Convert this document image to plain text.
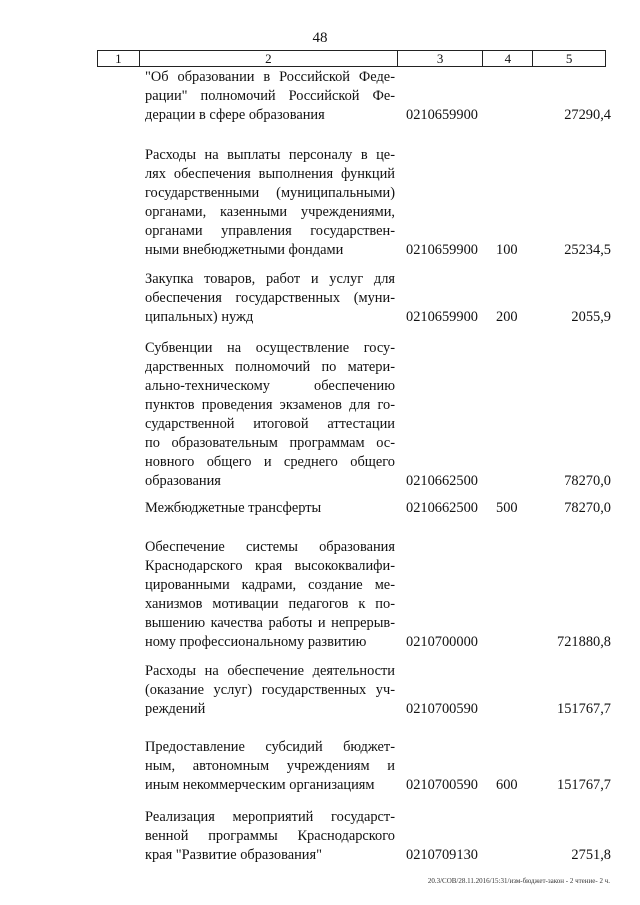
48
1	2	3	4	5
"Об образовании в Российской Феде-
рации" полномочий Российской Фе-
дерации в сфере образования	0210659900	27290,4
Расходы на выплаты персоналу в це-
лях обеспечения выполнения функций
государственными (муниципальными)
органами, казенными учреждениями,
органами управления государствен-
ными внебюджетными фондами	0210659900 100	25234,5
Закупка товаров, работ и услуг для
обеспечения государственных (муни-
ципальных) нужд	0210659900 200	2055,9
Субвенции на осуществление госу-
дарственных полномочий по матери-
ально-техническому обеспечению
пунктов проведения экзаменов для го-
сударственной итоговой аттестации
по образовательным программам ос-
новного общего и среднего общего
образования	0210662500	78270,0
Межбюджетные трансферты	0210662500 500	78270,0
Обеспечение системы образования
Краснодарского края высококвалифи-
цированными кадрами, создание ме-
ханизмов мотивации педагогов к по-
вышению качества работы и непрерыв-
ному профессиональному развитию	0210700000	721880,8
Расходы на обеспечение деятельности
(оказание услуг) государственных уч-
реждений	0210700590	151767,7
Предоставление субсидий бюджет-
ным, автономным учреждениям и
иным некоммерческим организациям	0210700590 600	151767,7
Реализация мероприятий государст-
венной программы Краснодарского
края "Развитие образования"	0210709130	2751,8
20.3/СОВ/28.11.2016/15:31/изм-бюджет-закон - 2 чтение- 2 ч.
